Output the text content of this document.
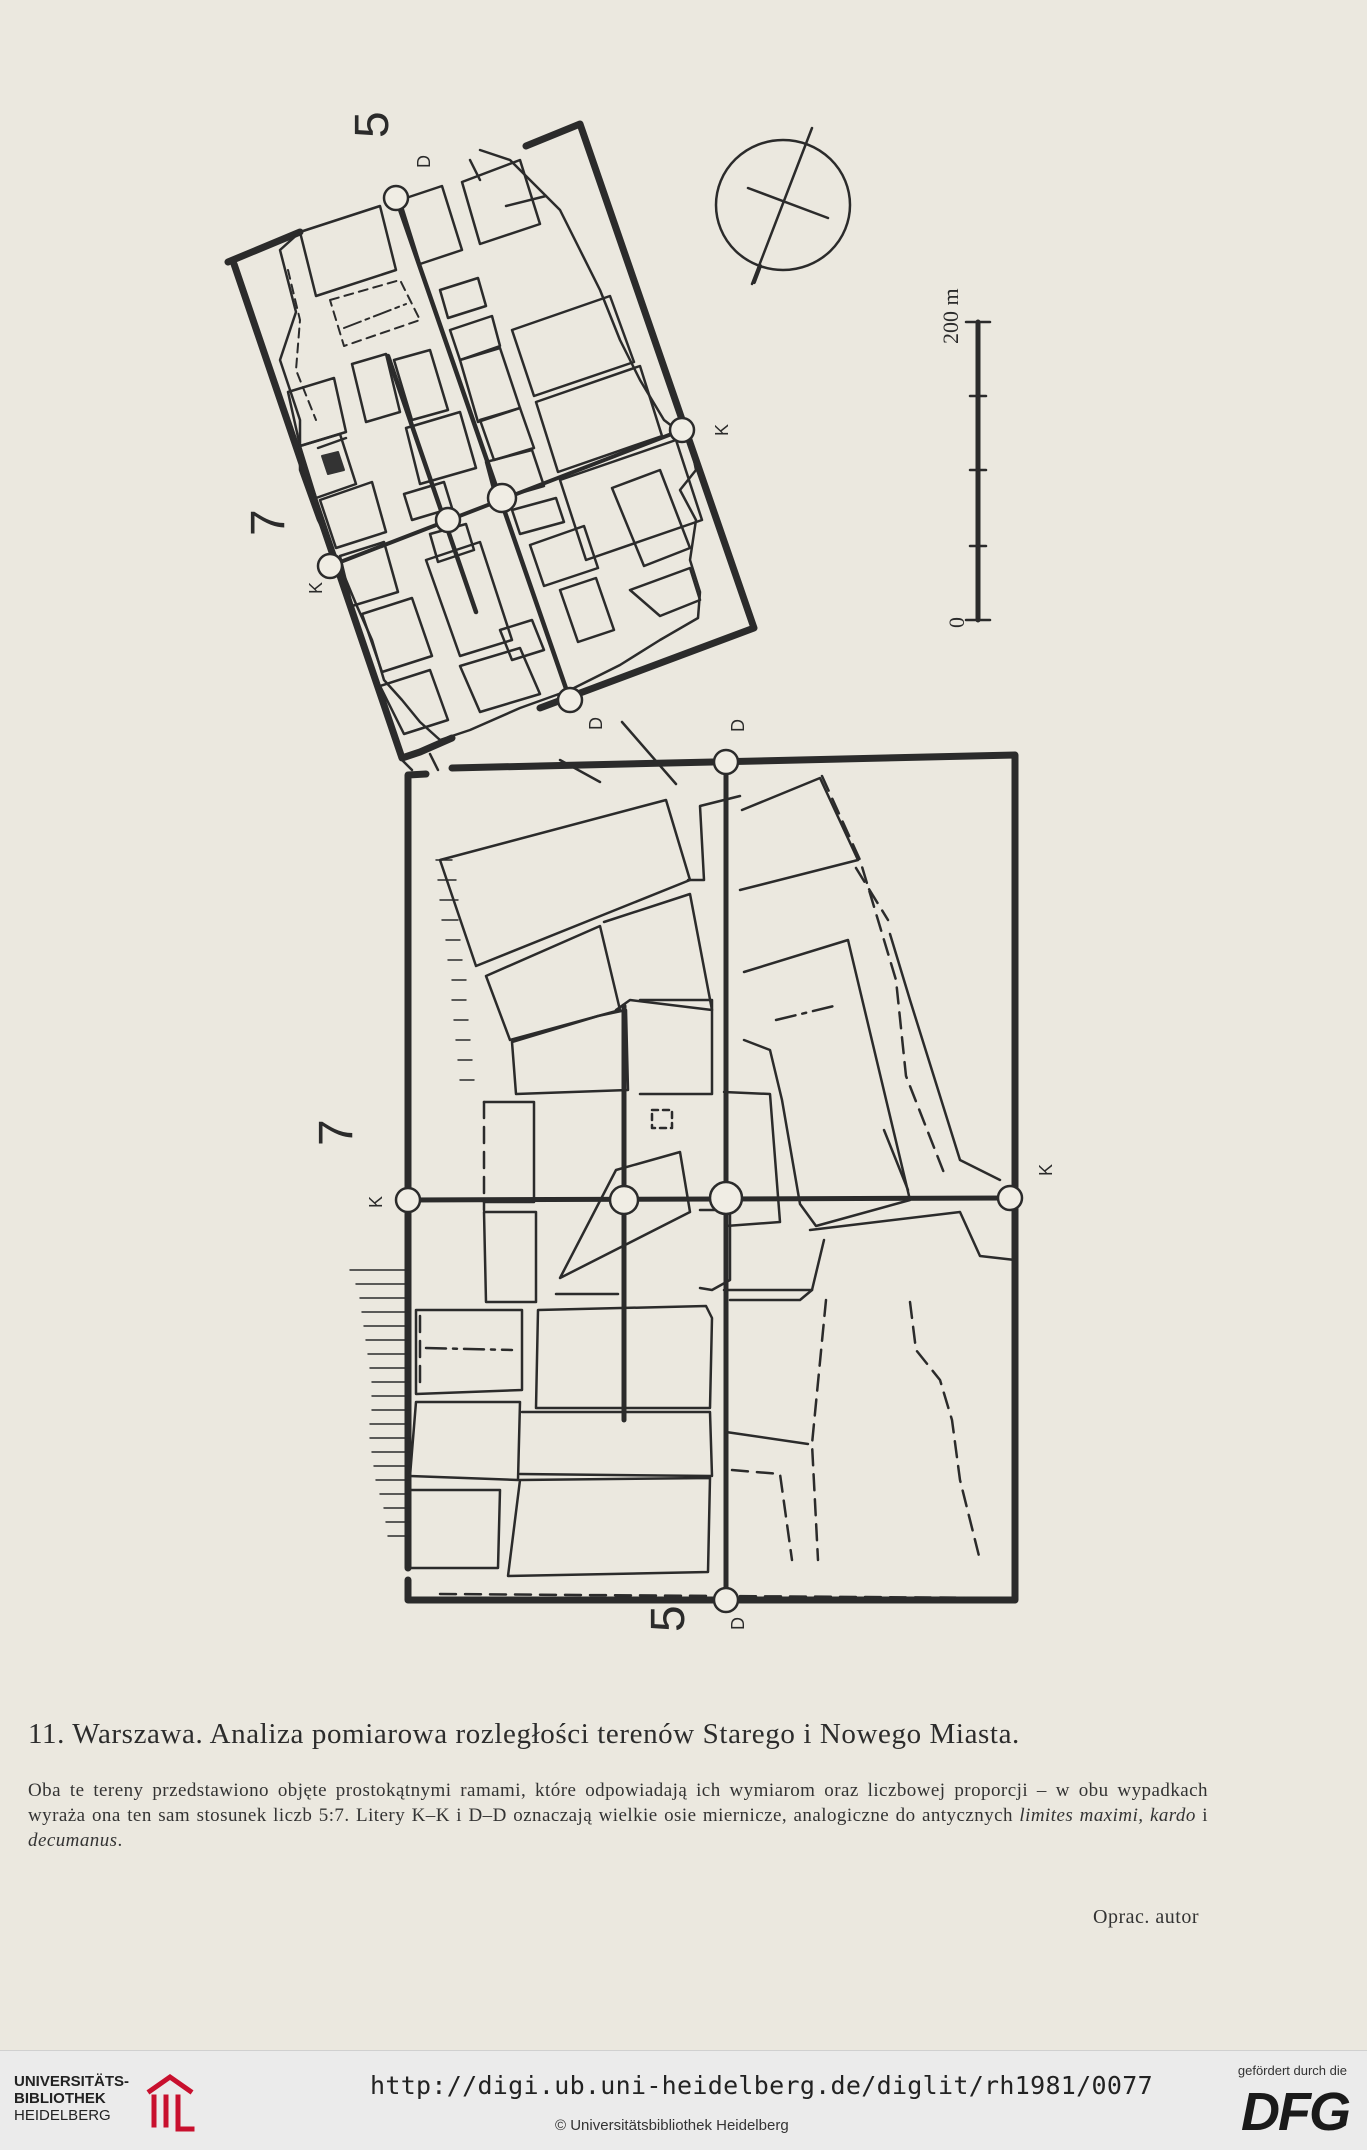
5
7
5
7
D
K
K
D	D
K
K
D
200 m
0
11. Warszawa. Analiza pomiarowa rozległości terenów Starego i Nowego Miasta.

Oba te tereny przedstawiono objęte prostokątnymi ramami, które odpowiadają ich wymiarom oraz liczbowej proporcji – w obu wypadkach wyraża ona ten sam stosunek liczb 5:7. Litery K–K i D–D oznaczają wielkie osie miernicze, analogiczne do antycznych limites maximi, kardo i decumanus.

Oprac. autor
UNIVERSITÄTS-
BIBLIOTHEK
HEIDELBERG
http://digi.ub.uni-heidelberg.de/diglit/rh1981/0077
© Universitätsbibliothek Heidelberg
gefördert durch die
DFG
